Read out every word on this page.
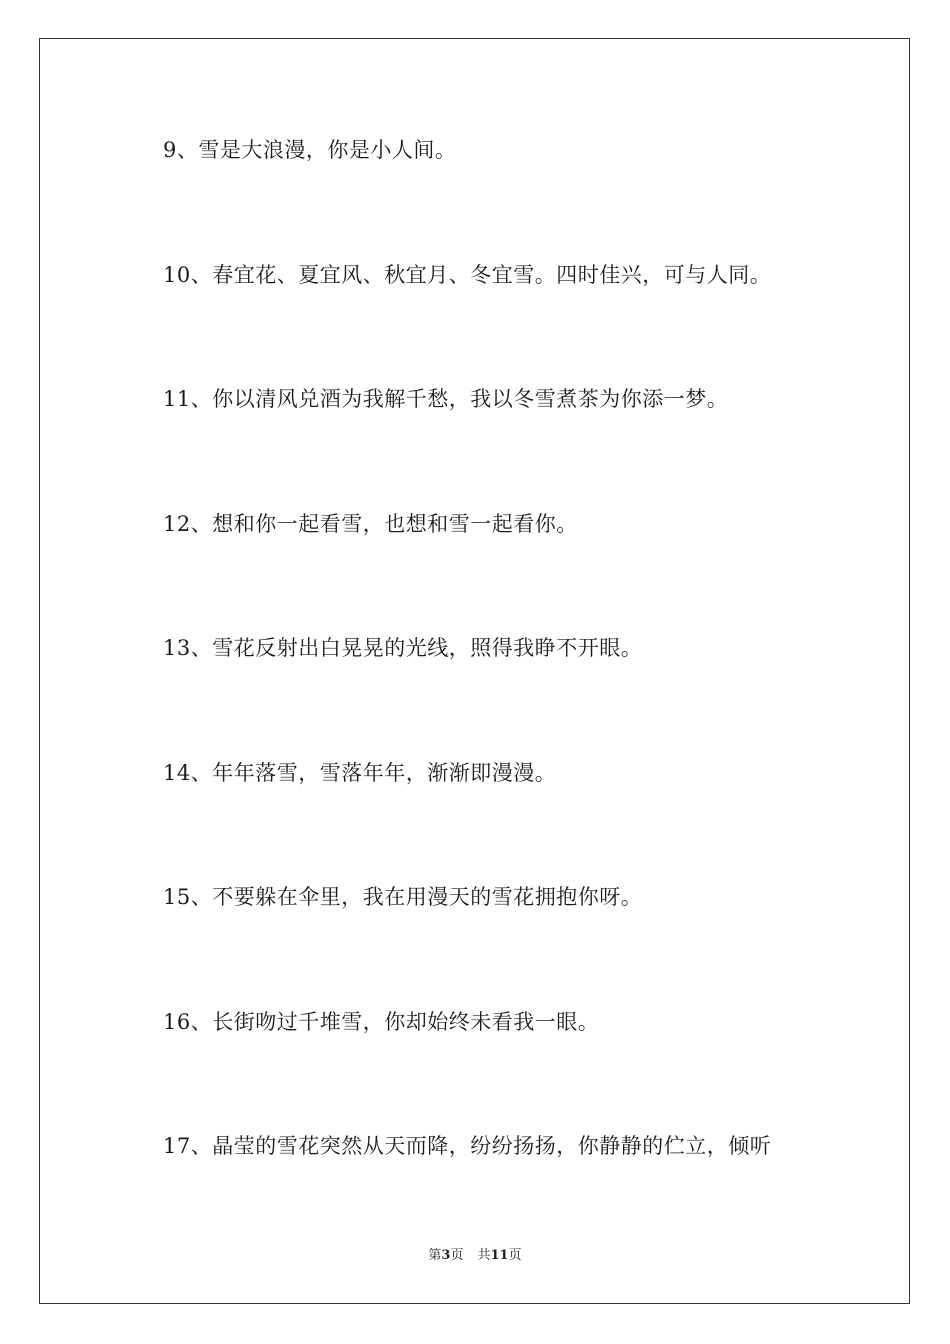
9、雪是大浪漫，你是小人间。
10、春宜花、夏宜风、秋宜月、冬宜雪。四时佳兴，可与人同。
11、你以清风兑酒为我解千愁，我以冬雪煮茶为你添一梦。
12、想和你一起看雪，也想和雪一起看你。
13、雪花反射出白晃晃的光线，照得我睁不开眼。
14、年年落雪，雪落年年，渐渐即漫漫。
15、不要躲在伞里，我在用漫天的雪花拥抱你呀。
16、长街吻过千堆雪，你却始终未看我一眼。
17、晶莹的雪花突然从天而降，纷纷扬扬，你静静的伫立，倾听
第3页 共11页
